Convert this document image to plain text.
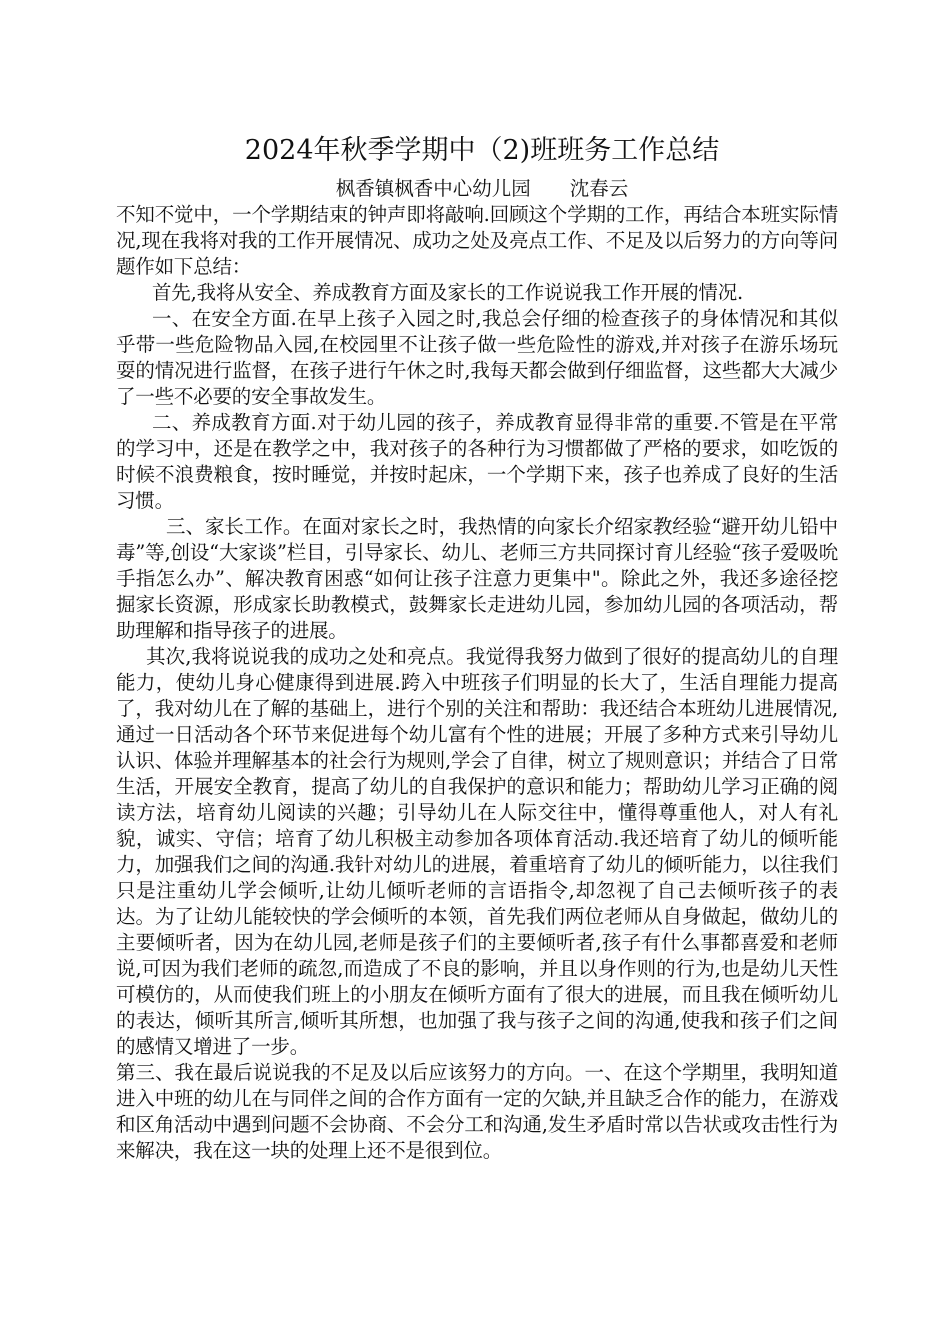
2024年秋季学期中（2)班班务工作总结

枫香镇枫香中心幼儿园　　沈春云

不知不觉中，一个学期结束的钟声即将敲响.回顾这个学期的工作，再结合本班实际情况,现在我将对我的工作开展情况、成功之处及亮点工作、不足及以后努力的方向等问题作如下总结：

首先,我将从安全、养成教育方面及家长的工作说说我工作开展的情况.

一、在安全方面.在早上孩子入园之时,我总会仔细的检查孩子的身体情况和其似乎带一些危险物品入园,在校园里不让孩子做一些危险性的游戏,并对孩子在游乐场玩耍的情况进行监督，在孩子进行午休之时,我每天都会做到仔细监督，这些都大大减少了一些不必要的安全事故发生。

二、养成教育方面.对于幼儿园的孩子，养成教育显得非常的重要.不管是在平常的学习中，还是在教学之中，我对孩子的各种行为习惯都做了严格的要求，如吃饭的时候不浪费粮食，按时睡觉，并按时起床，一个学期下来，孩子也养成了良好的生活习惯。

三、家长工作。在面对家长之时，我热情的向家长介绍家教经验“避开幼儿铅中毒”等,创设“大家谈”栏目，引导家长、幼儿、老师三方共同探讨育儿经验“孩子爱吸吮手指怎么办”、解决教育困惑“如何让孩子注意力更集中"。除此之外，我还多途径挖掘家长资源，形成家长助教模式，鼓舞家长走进幼儿园，参加幼儿园的各项活动，帮助理解和指导孩子的进展。

其次,我将说说我的成功之处和亮点。我觉得我努力做到了很好的提高幼儿的自理能力，使幼儿身心健康得到进展.跨入中班孩子们明显的长大了，生活自理能力提高了，我对幼儿在了解的基础上，进行个别的关注和帮助：我还结合本班幼儿进展情况,通过一日活动各个环节来促进每个幼儿富有个性的进展；开展了多种方式来引导幼儿认识、体验并理解基本的社会行为规则,学会了自律，树立了规则意识；并结合了日常生活，开展安全教育，提高了幼儿的自我保护的意识和能力；帮助幼儿学习正确的阅读方法，培育幼儿阅读的兴趣；引导幼儿在人际交往中，懂得尊重他人，对人有礼貌，诚实、守信；培育了幼儿积极主动参加各项体育活动.我还培育了幼儿的倾听能力，加强我们之间的沟通.我针对幼儿的进展，着重培育了幼儿的倾听能力，以往我们只是注重幼儿学会倾听,让幼儿倾听老师的言语指令,却忽视了自己去倾听孩子的表达。为了让幼儿能较快的学会倾听的本领，首先我们两位老师从自身做起，做幼儿的主要倾听者，因为在幼儿园,老师是孩子们的主要倾听者,孩子有什么事都喜爱和老师说,可因为我们老师的疏忽,而造成了不良的影响，并且以身作则的行为,也是幼儿天性可模仿的，从而使我们班上的小朋友在倾听方面有了很大的进展，而且我在倾听幼儿的表达，倾听其所言,倾听其所想，也加强了我与孩子之间的沟通,使我和孩子们之间的感情又增进了一步。

第三、我在最后说说我的不足及以后应该努力的方向。一、在这个学期里，我明知道进入中班的幼儿在与同伴之间的合作方面有一定的欠缺,并且缺乏合作的能力，在游戏和区角活动中遇到问题不会协商、不会分工和沟通,发生矛盾时常以告状或攻击性行为来解决，我在这一块的处理上还不是很到位。
